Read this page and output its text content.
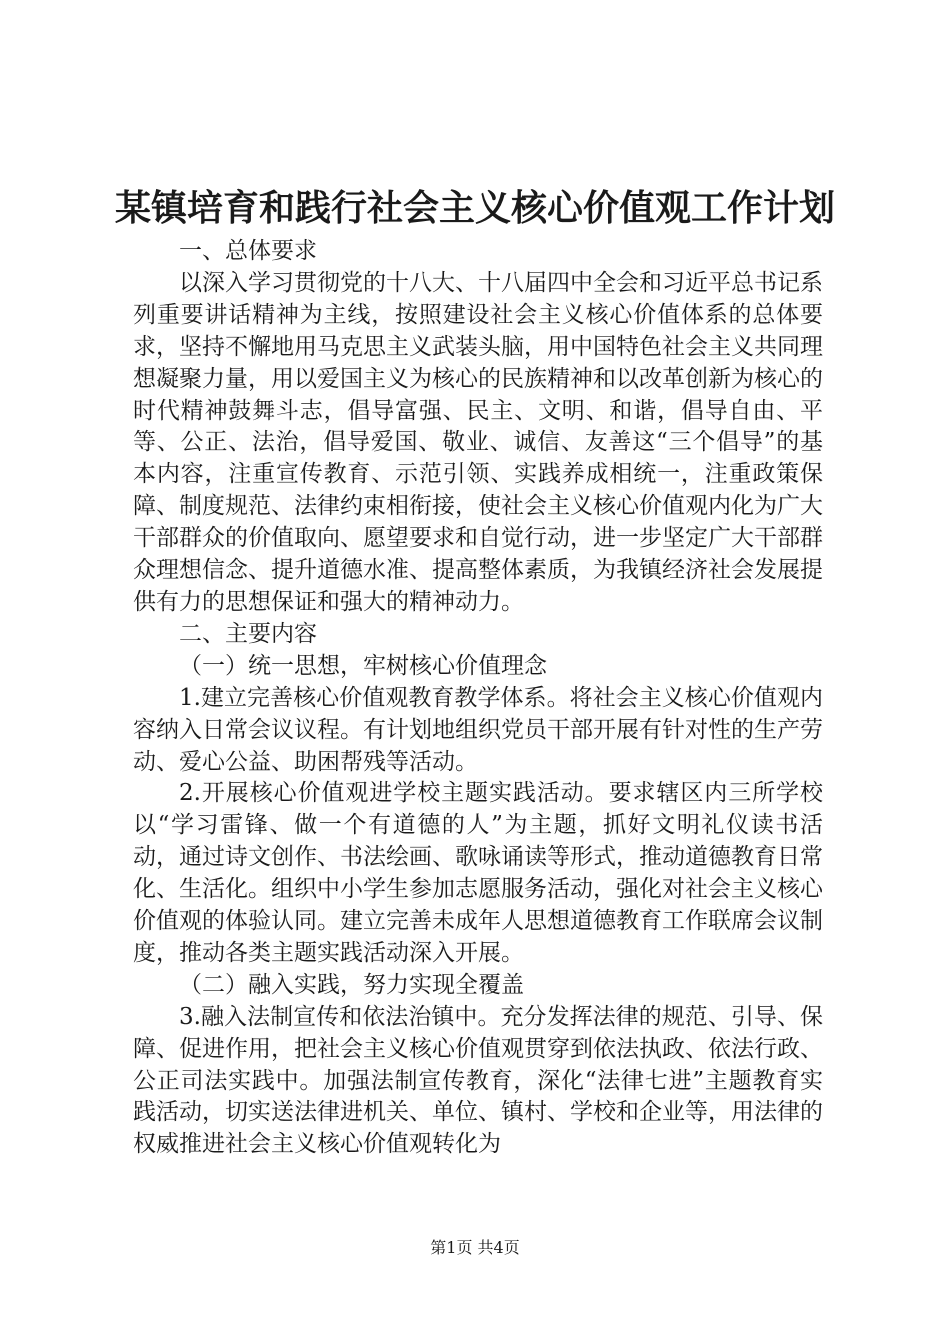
某镇培育和践行社会主义核心价值观工作计划

一、总体要求

以深入学习贯彻党的十八大、十八届四中全会和习近平总书记系列重要讲话精神为主线，按照建设社会主义核心价值体系的总体要求，坚持不懈地用马克思主义武装头脑，用中国特色社会主义共同理想凝聚力量，用以爱国主义为核心的民族精神和以改革创新为核心的时代精神鼓舞斗志，倡导富强、民主、文明、和谐，倡导自由、平等、公正、法治，倡导爱国、敬业、诚信、友善这“三个倡导”的基本内容，注重宣传教育、示范引领、实践养成相统一，注重政策保障、制度规范、法律约束相衔接，使社会主义核心价值观内化为广大干部群众的价值取向、愿望要求和自觉行动，进一步坚定广大干部群众理想信念、提升道德水准、提高整体素质，为我镇经济社会发展提供有力的思想保证和强大的精神动力。

二、主要内容

（一）统一思想，牢树核心价值理念

1.建立完善核心价值观教育教学体系。将社会主义核心价值观内容纳入日常会议议程。有计划地组织党员干部开展有针对性的生产劳动、爱心公益、助困帮残等活动。

2.开展核心价值观进学校主题实践活动。要求辖区内三所学校以“学习雷锋、做一个有道德的人”为主题，抓好文明礼仪读书活动，通过诗文创作、书法绘画、歌咏诵读等形式，推动道德教育日常化、生活化。组织中小学生参加志愿服务活动，强化对社会主义核心价值观的体验认同。建立完善未成年人思想道德教育工作联席会议制度，推动各类主题实践活动深入开展。

（二）融入实践，努力实现全覆盖

3.融入法制宣传和依法治镇中。充分发挥法律的规范、引导、保障、促进作用，把社会主义核心价值观贯穿到依法执政、依法行政、公正司法实践中。加强法制宣传教育，深化“法律七进”主题教育实践活动，切实送法律进机关、单位、镇村、学校和企业等，用法律的权威推进社会主义核心价值观转化为

第1页 共4页
